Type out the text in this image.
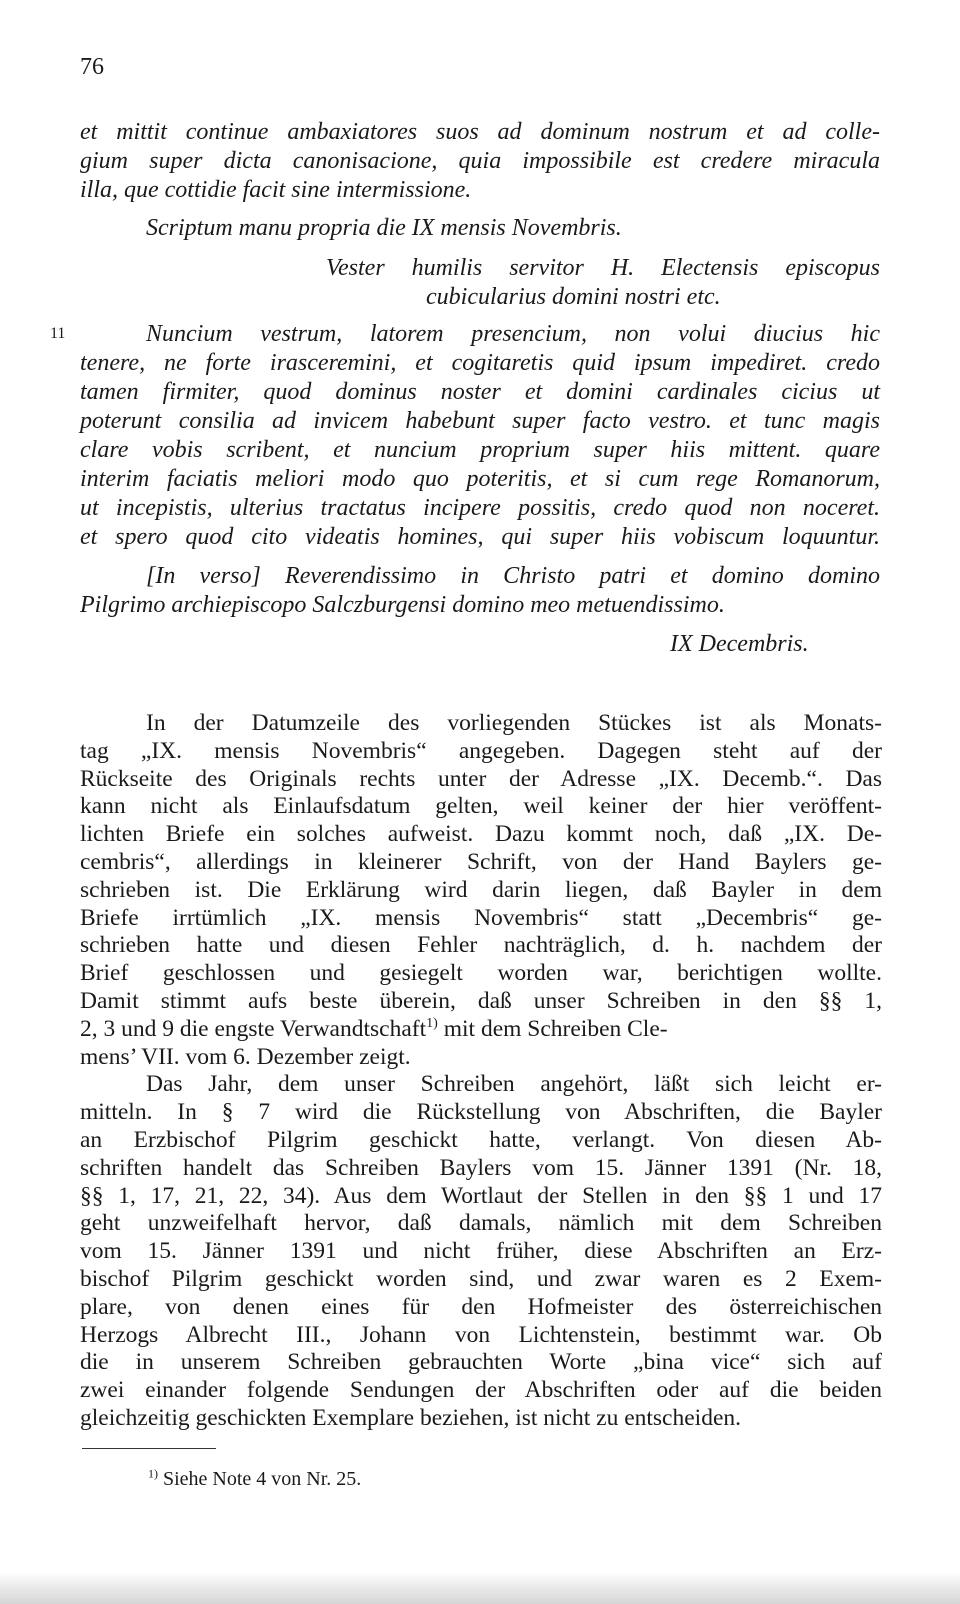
76
et mittit continue ambaxiatores suos ad dominum nostrum et ad colle-
gium super dicta canonisacione, quia impossibile est credere miracula
illa, que cottidie facit sine intermissione.
Scriptum manu propria die IX mensis Novembris.
Vester humilis servitor H. Electensis episcopus
cubicularius domini nostri etc.
11	Nuncium vestrum, latorem presencium, non volui diucius hic
tenere, ne forte irasceremini, et cogitaretis quid ipsum impediret. credo
tamen firmiter, quod dominus noster et domini cardinales cicius ut
poterunt consilia ad invicem habebunt super facto vestro. et tunc magis
clare vobis scribent, et nuncium proprium super hiis mittent. quare
interim faciatis meliori modo quo poteritis, et si cum rege Romanorum,
ut incepistis, ulterius tractatus incipere possitis, credo quod non noceret.
et spero quod cito videatis homines, qui super hiis vobiscum loquuntur.
[In verso] Reverendissimo in Christo patri et domino domino
Pilgrimo archiepiscopo Salczburgensi domino meo metuendissimo.
IX Decembris.
In der Datumzeile des vorliegenden Stückes ist als Monats-
tag „IX. mensis Novembris“ angegeben. Dagegen steht auf der
Rückseite des Originals rechts unter der Adresse „IX. Decemb.“. Das
kann nicht als Einlaufsdatum gelten, weil keiner der hier veröffent-
lichten Briefe ein solches aufweist. Dazu kommt noch, daß „IX. De-
cembris“, allerdings in kleinerer Schrift, von der Hand Baylers ge-
schrieben ist. Die Erklärung wird darin liegen, daß Bayler in dem
Briefe irrtümlich „IX. mensis Novembris“ statt „Decembris“ ge-
schrieben hatte und diesen Fehler nachträglich, d. h. nachdem der
Brief geschlossen und gesiegelt worden war, berichtigen wollte.
Damit stimmt aufs beste überein, daß unser Schreiben in den §§ 1,
2, 3 und 9 die engste Verwandtschaft$^{1)}$ mit dem Schreiben Cle-
mens’ VII. vom 6. Dezember zeigt.
Das Jahr, dem unser Schreiben angehört, läßt sich leicht er-
mitteln. In § 7 wird die Rückstellung von Abschriften, die Bayler
an Erzbischof Pilgrim geschickt hatte, verlangt. Von diesen Ab-
schriften handelt das Schreiben Baylers vom 15. Jänner 1391 (Nr. 18,
§§ 1, 17, 21, 22, 34). Aus dem Wortlaut der Stellen in den §§ 1 und 17
geht unzweifelhaft hervor, daß damals, nämlich mit dem Schreiben
vom 15. Jänner 1391 und nicht früher, diese Abschriften an Erz-
bischof Pilgrim geschickt worden sind, und zwar waren es 2 Exem-
plare, von denen eines für den Hofmeister des österreichischen
Herzogs Albrecht III., Johann von Lichtenstein, bestimmt war. Ob
die in unserem Schreiben gebrauchten Worte „bina vice“ sich auf
zwei einander folgende Sendungen der Abschriften oder auf die beiden
gleichzeitig geschickten Exemplare beziehen, ist nicht zu entscheiden.
$^{1)}$ Siehe Note 4 von Nr. 25.
